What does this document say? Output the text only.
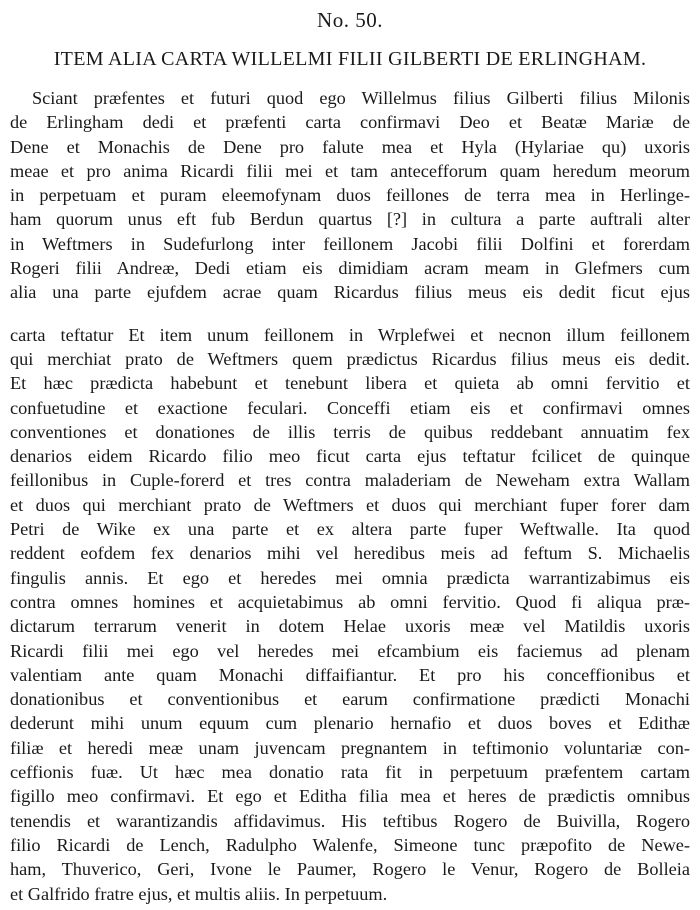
No. 50.
ITEM ALIA CARTA WILLELMI FILII GILBERTI DE ERLINGHAM.
Sciant præfentes et futuri quod ego Willelmus filius Gilberti filius Milonis
de Erlingham dedi et præfenti carta confirmavi Deo et Beatæ Mariæ de
Dene et Monachis de Dene pro falute mea et Hyla (Hylariae qu) uxoris
meae et pro anima Ricardi filii mei et tam antecefforum quam heredum meorum
in perpetuam et puram eleemofynam duos feillones de terra mea in Herlinge-
ham quorum unus eft fub Berdun quartus [?] in cultura a parte auftrali alter
in Weftmers in Sudefurlong inter feillonem Jacobi filii Dolfini et forerdam
Rogeri filii Andreæ, Dedi etiam eis dimidiam acram meam in Glefmers cum
alia una parte ejufdem acrae quam Ricardus filius meus eis dedit ficut ejus
carta teftatur Et item unum feillonem in Wrplefwei et necnon illum feillonem
qui merchiat prato de Weftmers quem prædictus Ricardus filius meus eis dedit.
Et hæc prædicta habebunt et tenebunt libera et quieta ab omni fervitio et
confuetudine et exactione feculari. Conceffi etiam eis et confirmavi omnes
conventiones et donationes de illis terris de quibus reddebant annuatim fex
denarios eidem Ricardo filio meo ficut carta ejus teftatur fcilicet de quinque
feillonibus in Cuple-forerd et tres contra maladeriam de Neweham extra Wallam
et duos qui merchiant prato de Weftmers et duos qui merchiant fuper forer dam
Petri de Wike ex una parte et ex altera parte fuper Weftwalle. Ita quod
reddent eofdem fex denarios mihi vel heredibus meis ad feftum S. Michaelis
fingulis annis. Et ego et heredes mei omnia prædicta warrantizabimus eis
contra omnes homines et acquietabimus ab omni fervitio. Quod fi aliqua præ-
dictarum terrarum venerit in dotem Helae uxoris meæ vel Matildis uxoris
Ricardi filii mei ego vel heredes mei efcambium eis faciemus ad plenam
valentiam ante quam Monachi diffaifiantur. Et pro his conceffionibus et
donationibus et conventionibus et earum confirmatione prædicti Monachi
dederunt mihi unum equum cum plenario hernafio et duos boves et Edithæ
filiæ et heredi meæ unam juvencam pregnantem in teftimonio voluntariæ con-
ceffionis fuæ. Ut hæc mea donatio rata fit in perpetuum præfentem cartam
figillo meo confirmavi. Et ego et Editha filia mea et heres de prædictis omnibus
tenendis et warantizandis affidavimus. His teftibus Rogero de Buivilla, Rogero
filio Ricardi de Lench, Radulpho Walenfe, Simeone tunc præpofito de Newe-
ham, Thuverico, Geri, Ivone le Paumer, Rogero le Venur, Rogero de Bolleia
et Galfrido fratre ejus, et multis aliis. In perpetuum.
